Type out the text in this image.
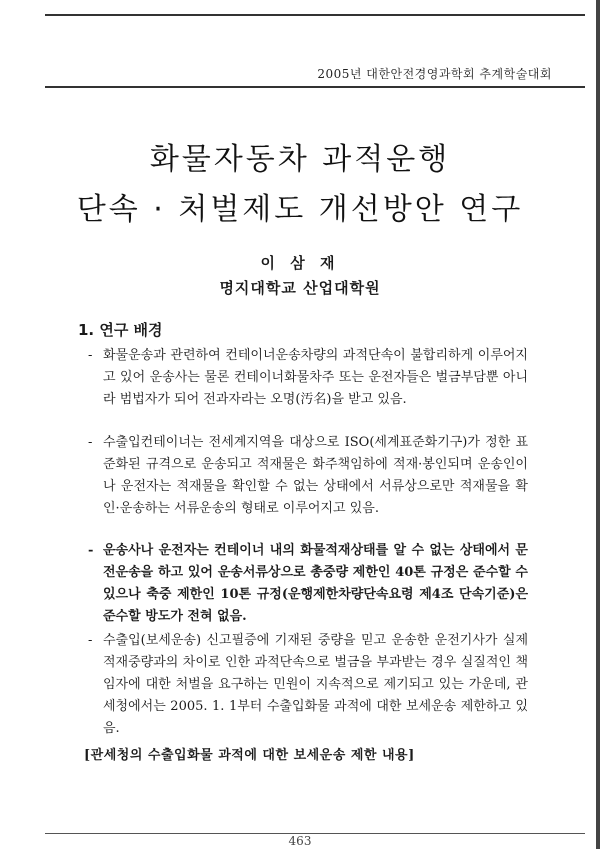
2005년 대한안전경영과학회 추계학술대회
화물자동차 과적운행
단속 · 처벌제도 개선방안 연구
이 삼 재
명지대학교 산업대학원
1. 연구 배경
- 화물운송과 관련하여 컨테이너운송차량의 과적단속이 불합리하게 이루어지고 있어 운송사는 물론 컨테이너화물차주 또는 운전자들은 벌금부담뿐 아니라 범법자가 되어 전과자라는 오명(汚名)을 받고 있음.
- 수출입컨테이너는 전세계지역을 대상으로 ISO(세계표준화기구)가 정한 표준화된 규격으로 운송되고 적재물은 화주책임하에 적재·봉인되며 운송인이나 운전자는 적재물을 확인할 수 없는 상태에서 서류상으로만 적재물을 확인·운송하는 서류운송의 형태로 이루어지고 있음.
- 운송사나 운전자는 컨테이너 내의 화물적재상태를 알 수 없는 상태에서 문전운송을 하고 있어 운송서류상으로 총중량 제한인 40톤 규정은 준수할 수 있으나 축중 제한인 10톤 규정(운행제한차량단속요령 제4조 단속기준)은 준수할 방도가 전혀 없음.
- 수출입(보세운송) 신고필증에 기재된 중량을 믿고 운송한 운전기사가 실제 적재중량과의 차이로 인한 과적단속으로 벌금을 부과받는 경우 실질적인 책임자에 대한 처벌을 요구하는 민원이 지속적으로 제기되고 있는 가운데, 관세청에서는 2005. 1. 1부터 수출입화물 과적에 대한 보세운송 제한하고 있음.
[관세청의 수출입화물 과적에 대한 보세운송 제한 내용]
463
